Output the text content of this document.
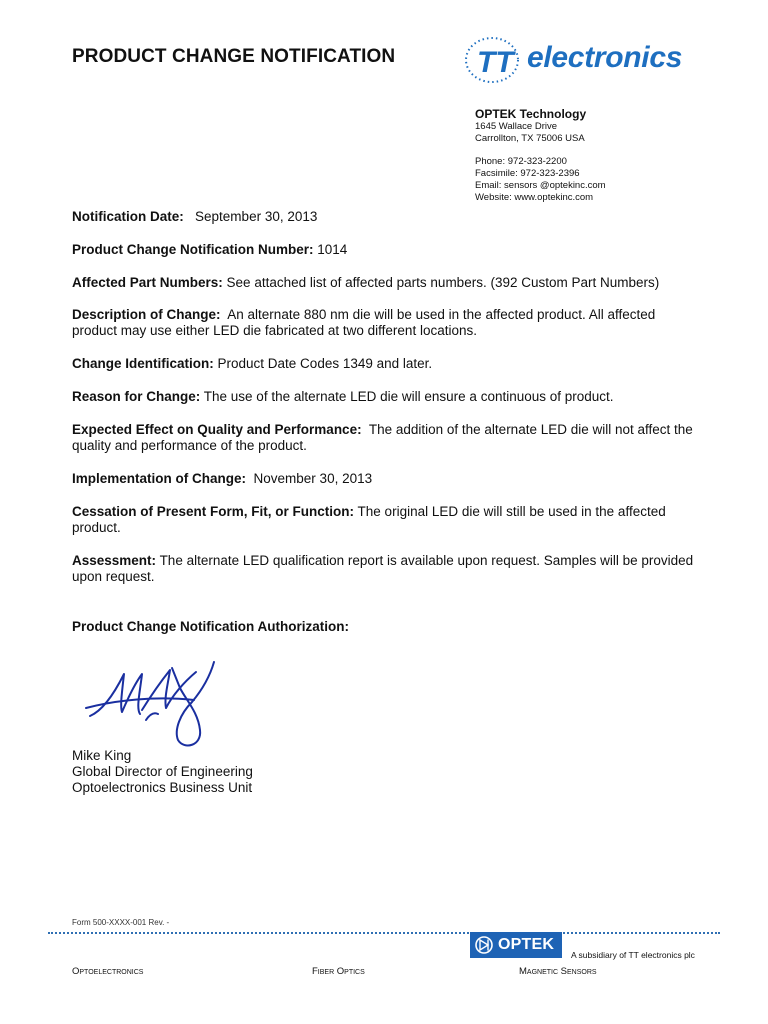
PRODUCT CHANGE NOTIFICATION	TT electronics
OPTEK Technology
1645 Wallace Drive
Carrollton, TX 75006 USA
Phone: 972-323-2200
Facsimile: 972-323-2396
Email: sensors @optekinc.com
Website: www.optekinc.com
Notification Date: September 30, 2013
Product Change Notification Number: 1014
Affected Part Numbers: See attached list of affected parts numbers. (392 Custom Part Numbers)
Description of Change: An alternate 880 nm die will be used in the affected product. All affected product may use either LED die fabricated at two different locations.
Change Identification: Product Date Codes 1349 and later.
Reason for Change: The use of the alternate LED die will ensure a continuous of product.
Expected Effect on Quality and Performance: The addition of the alternate LED die will not affect the quality and performance of the product.
Implementation of Change: November 30, 2013
Cessation of Present Form, Fit, or Function: The original LED die will still be used in the affected product.
Assessment: The alternate LED qualification report is available upon request. Samples will be provided upon request.
Product Change Notification Authorization:
Mike King
Global Director of Engineering
Optoelectronics Business Unit
Form 500-XXXX-001 Rev. -
OPTEK
A subsidiary of TT electronics plc
Optoelectronics	Fiber Optics	Magnetic Sensors
